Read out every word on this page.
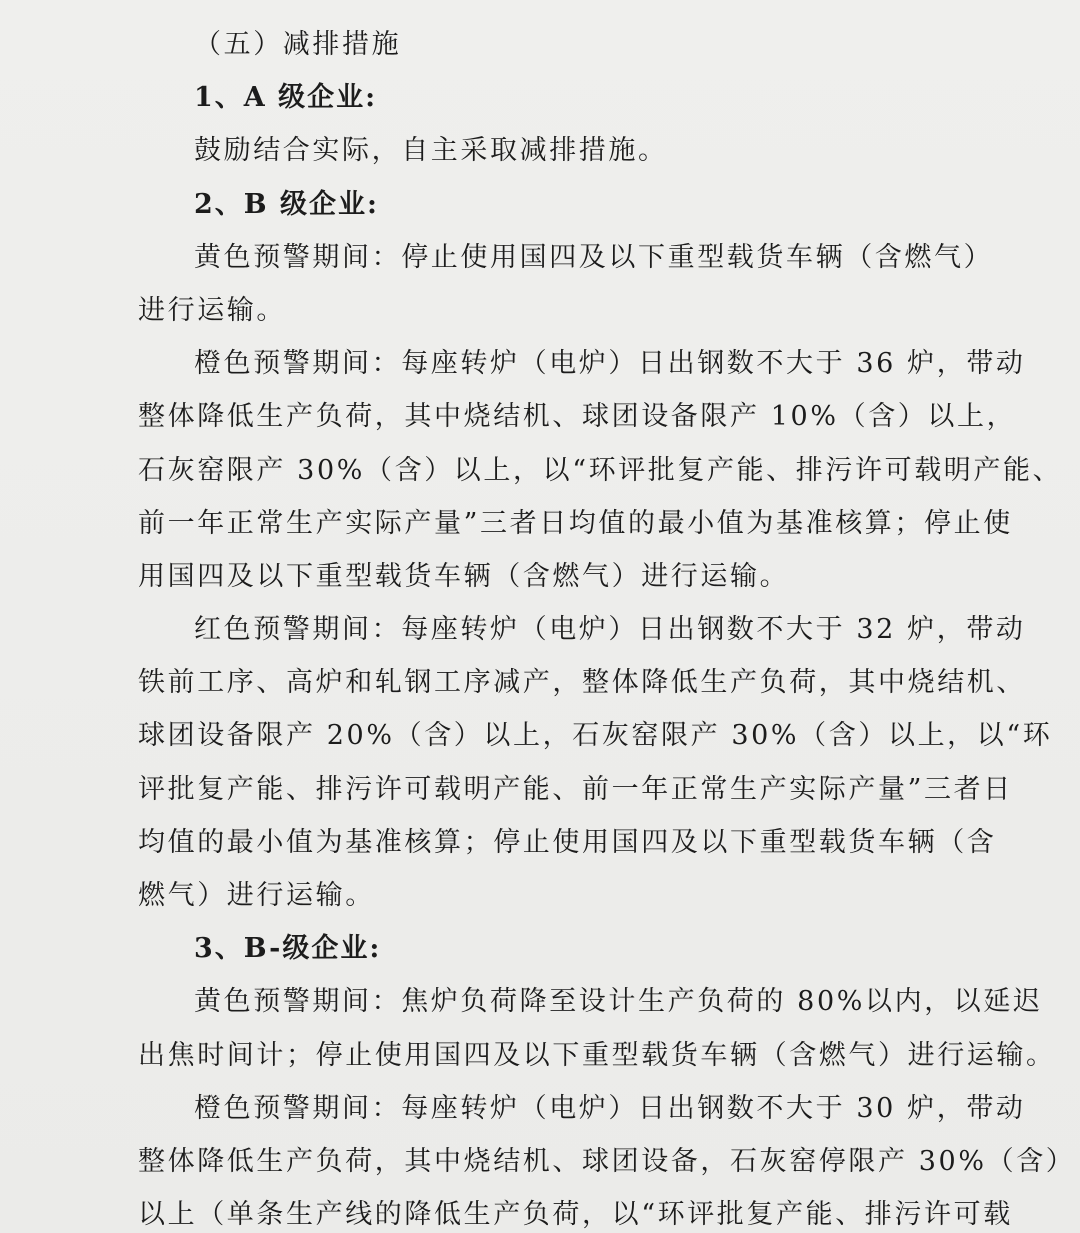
（五）减排措施
1、A 级企业:
鼓励结合实际，自主采取减排措施。
2、B 级企业:
黄色预警期间：停止使用国四及以下重型载货车辆（含燃气）
进行运输。
橙色预警期间：每座转炉（电炉）日出钢数不大于 36 炉，带动
整体降低生产负荷，其中烧结机、球团设备限产 10%（含）以上，
石灰窑限产 30%（含）以上，以“环评批复产能、排污许可载明产能、
前一年正常生产实际产量”三者日均值的最小值为基准核算；停止使
用国四及以下重型载货车辆（含燃气）进行运输。
红色预警期间：每座转炉（电炉）日出钢数不大于 32 炉，带动
铁前工序、高炉和轧钢工序减产，整体降低生产负荷，其中烧结机、
球团设备限产 20%（含）以上，石灰窑限产 30%（含）以上，以“环
评批复产能、排污许可载明产能、前一年正常生产实际产量”三者日
均值的最小值为基准核算；停止使用国四及以下重型载货车辆（含
燃气）进行运输。
3、B-级企业:
黄色预警期间：焦炉负荷降至设计生产负荷的 80%以内，以延迟
出焦时间计；停止使用国四及以下重型载货车辆（含燃气）进行运输。
橙色预警期间：每座转炉（电炉）日出钢数不大于 30 炉，带动
整体降低生产负荷，其中烧结机、球团设备，石灰窑停限产 30%（含）
以上（单条生产线的降低生产负荷，以“环评批复产能、排污许可载
